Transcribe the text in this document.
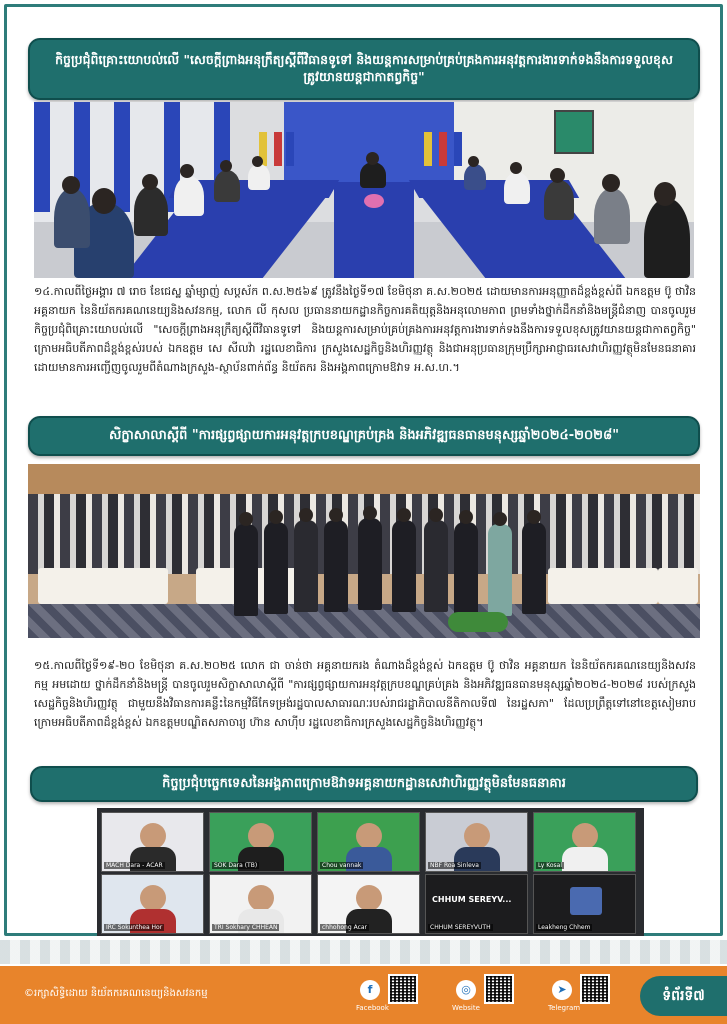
កិច្ចប្រជុំពិគ្រោះយោបល់លើ "សេចក្តីព្រាងអនុក្រឹត្យស្តីពីវិធានទូទៅ និងយន្តការសម្រាប់គ្រប់គ្រងការអនុវត្តការងារទាក់ទងនឹងការទទួលខុសត្រូវយានយន្តជាកាតព្វកិច្ច"
១៤.កាលពីថ្ងៃអង្គារ ៧ រោច ខែជេស្ឋ ឆ្នាំម្សាញ់ សប្តស័ក ព.ស.២៥៦៩ ត្រូវនឹងថ្ងៃទី១៧ ខែមិថុនា គ.ស.២០២៥ ដោយមានការអនុញ្ញាតដ៏ខ្ពង់ខ្ពស់ពី ឯកឧត្តម ប៊ូ ថាវិន អគ្គនាយក នៃនិយ័តករគណនេយ្យនិងសវនកម្ម, លោក លី កុសល ប្រធាននាយកដ្ឋានកិច្ចការគតិយុត្តនិងអនុលោមភាព ព្រមទាំងថ្នាក់ដឹកនាំនិងមន្ត្រីជំនាញ បានចូលរួមកិច្ចប្រជុំពិគ្រោះយោបល់លើ "សេចក្តីព្រាងអនុក្រឹត្យស្តីពីវិធានទូទៅ និងយន្តការសម្រាប់គ្រប់គ្រងការអនុវត្តការងារទាក់ទងនឹងការទទួលខុសត្រូវយានយន្តជាកាតព្វកិច្ច" ក្រោមអធិបតីភាពដ៏ខ្ពង់ខ្ពស់របស់ ឯកឧត្តម សេ សីលវ៉ា រដ្ឋលេខាធិការ ក្រសួងសេដ្ឋកិច្ចនិងហិរញ្ញវត្ថុ និងជាអនុប្រធានក្រុមប្រឹក្សាអាជ្ញាធរសេវាហិរញ្ញវត្ថុមិនមែនធនាគារ ដោយមានការអញ្ជើញចូលរួមពីតំណាងក្រសួង-ស្ថាប័នពាក់ព័ន្ធ និយ័តករ និងអង្គភាពក្រោមឱវាទ អ.ស.ហ.។
សិក្ខាសាលាស្តីពី "ការផ្សព្វផ្សាយការអនុវត្តក្របខណ្ឌគ្រប់គ្រង និងអភិវឌ្ឍធនធានមនុស្សឆ្នាំ២០២៤-២០២៨"
១៥.កាលពីថ្ងៃទី១៩-២០ ខែមិថុនា គ.ស.២០២៥ លោក ជា ចាន់ថា អគ្គនាយករង តំណាងដ៏ខ្ពង់ខ្ពស់ ឯកឧត្តម ប៊ូ ថាវិន អគ្គនាយក នៃនិយ័តករគណនេយ្យនិងសវនកម្ម អមដោយ ថ្នាក់ដឹកនាំនិងមន្ត្រី បានចូលរួមសិក្ខាសាលាស្តីពី "ការផ្សព្វផ្សាយការអនុវត្តក្របខណ្ឌគ្រប់គ្រង និងអភិវឌ្ឍធនធានមនុស្សឆ្នាំ២០២៤-២០២៨ របស់ក្រសួងសេដ្ឋកិច្ចនិងហិរញ្ញវត្ថុ ជាមួយនឹងវិធានការគន្លឹះនៃកម្មវិធីកែទម្រង់រដ្ឋបាលសាធារណៈរបស់រាជរដ្ឋាភិបាលនីតិកាលទី៧ នៃរដ្ឋសភា" ដែលប្រព្រឹត្តទៅនៅខេត្តសៀមរាប ក្រោមអធិបតីភាពដ៏ខ្ពង់ខ្ពស់ ឯកឧត្តមបណ្ឌិតសភាចារ្យ ហ៊ាន សាហ៊ីប រដ្ឋលេខាធិការក្រសួងសេដ្ឋកិច្ចនិងហិរញ្ញវត្ថុ។
កិច្ចប្រជុំបច្ចេកទេសនៃអង្គភាពក្រោមឱវាទអគ្គនាយកដ្ឋានសេវាហិរញ្ញវត្ថុមិនមែនធនាគារ
MACH Dara - ACAR	SOK Dara (TB)	Chou vannak	NBF Roa Sinleva	Ly Kosal
IRC Sokunthea Hor	TRI Sokhary CHHEAN	chhohong Acar
CHHUM SEREYV...
CHHUM SEREYVUTH	Leakheng Chhem
©រក្សាសិទ្ធិដោយ និយ័តករគណនេយ្យនិងសវនកម្ម	f
Facebook
◎
Website
➤
Telegram
ទំព័រទី៧
